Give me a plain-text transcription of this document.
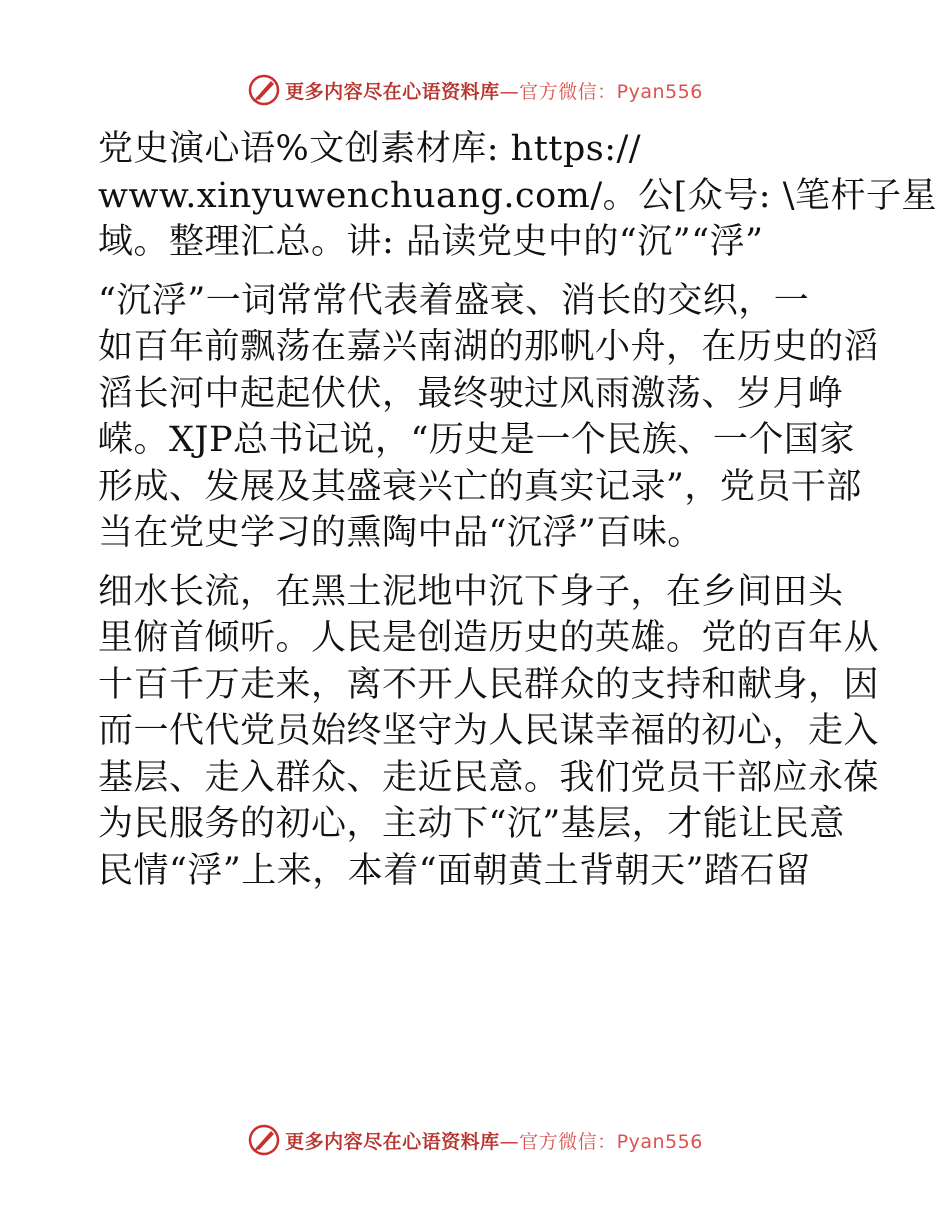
更多内容尽在心语资料库—官方微信：Pyan556

党史演心语%文创素材库: https://
www.xinyuwenchuang.com/。公[众号: \笔杆子星
域。整理汇总。讲: 品读党史中的“沉”“浮”

“沉浮”一词常常代表着盛衰、消长的交织，一
如百年前飘荡在嘉兴南湖的那帆小舟，在历史的滔
滔长河中起起伏伏，最终驶过风雨激荡、岁月峥
嵘。XJP总书记说，“历史是一个民族、一个国家
形成、发展及其盛衰兴亡的真实记录”，党员干部
当在党史学习的熏陶中品“沉浮”百味。

细水长流，在黑土泥地中沉下身子，在乡间田头
里俯首倾听。人民是创造历史的英雄。党的百年从
十百千万走来，离不开人民群众的支持和献身，因
而一代代党员始终坚守为人民谋幸福的初心，走入
基层、走入群众、走近民意。我们党员干部应永葆
为民服务的初心，主动下“沉”基层，才能让民意
民情“浮”上来，本着“面朝黄土背朝天”踏石留

更多内容尽在心语资料库—官方微信：Pyan556
